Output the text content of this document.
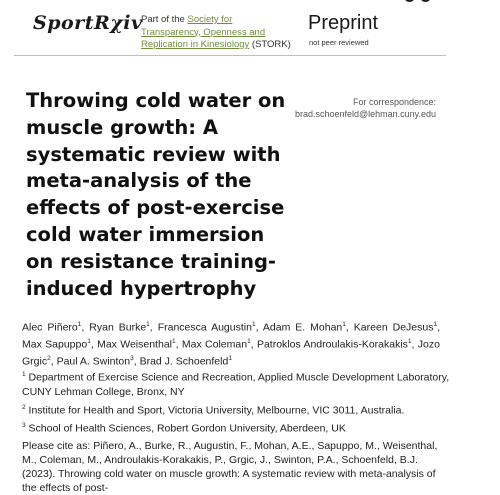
SportRχiv
Part of the Society for Transparency, Openness and Replication in Kinesiology (STORK)
Preprint
not peer reviewed
Throwing cold water on muscle growth: A systematic review with meta-analysis of the effects of post-exercise cold water immersion on resistance training-induced hypertrophy
For correspondence:
brad.schoenfeld@lehman.cuny.edu

Alec Piñero$^1$, Ryan Burke$^1$, Francesca Augustin$^1$, Adam E. Mohan$^1$, Kareen DeJesus$^1$, Max Sapuppo$^1$, Max Weisenthal$^1$, Max Coleman$^1$, Patroklos Androulakis-Korakakis$^1$, Jozo Grgic$^2$, Paul A. Swinton$^3$, Brad J. Schoenfeld$^1$

$^1$ Department of Exercise Science and Recreation, Applied Muscle Development Laboratory, CUNY Lehman College, Bronx, NY
$^2$ Institute for Health and Sport, Victoria University, Melbourne, VIC 3011, Australia.
$^3$ School of Health Sciences, Robert Gordon University, Aberdeen, UK

Please cite as: Piñero, A., Burke, R., Augustin, F., Mohan, A.E., Sapuppo, M., Weisenthal, M., Coleman, M., Androulakis-Korakakis, P., Grgic, J., Swinton, P.A., Schoenfeld, B.J. (2023). Throwing cold water on muscle growth: A systematic review with meta-analysis of the effects of post-
